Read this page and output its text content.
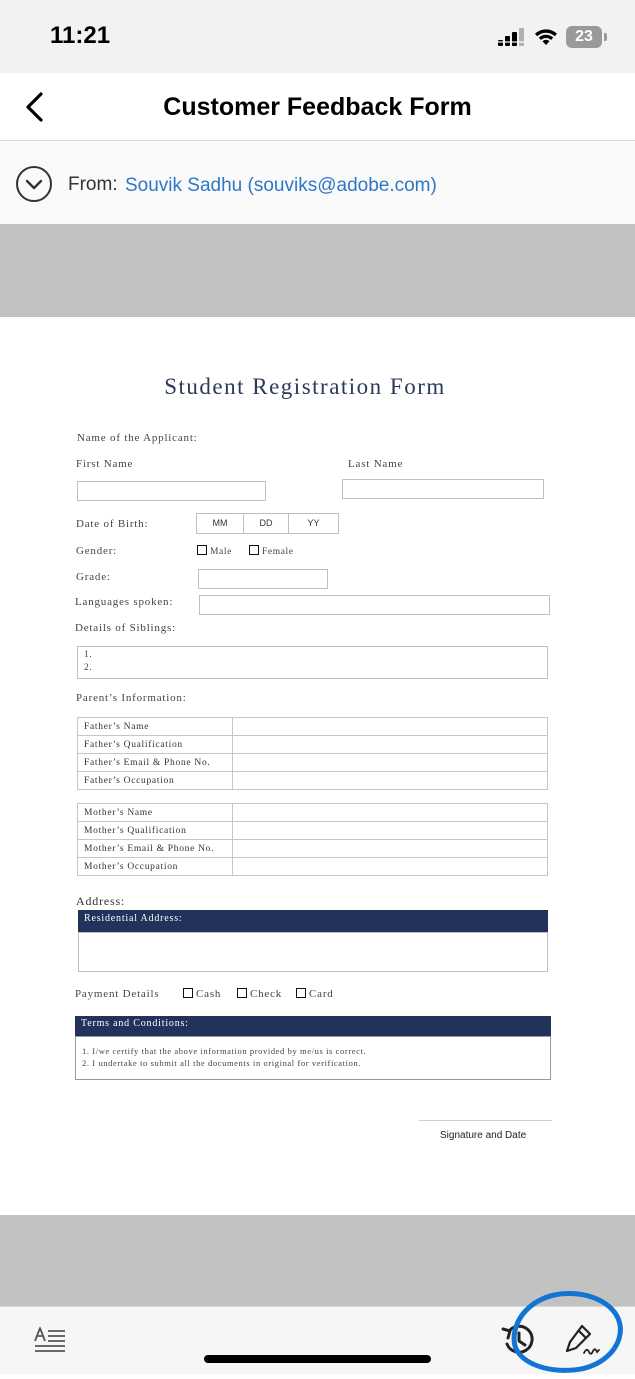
11:21	23
Customer Feedback Form
From: Souvik Sadhu (souviks@adobe.com)
Student Registration Form
Name of the Applicant:
First Name	Last Name
Date of Birth:	MM	DD	YY
Gender:	Male	Female
Grade:
Languages spoken:
Details of Siblings:
1.
2.
Parent’s Information:
Father’s Name	
Father’s Qualification	
Father’s Email & Phone No.	
Father’s Occupation	
Mother’s Name	
Mother’s Qualification	
Mother’s Email & Phone No.	
Mother’s Occupation	
Address:
Residential Address:
Payment Details	Cash	Check	Card
Terms and Conditions:
1. I/we certify that the above information provided by me/us is correct.
2. I undertake to submit all the documents in original for verification.
Signature and Date
